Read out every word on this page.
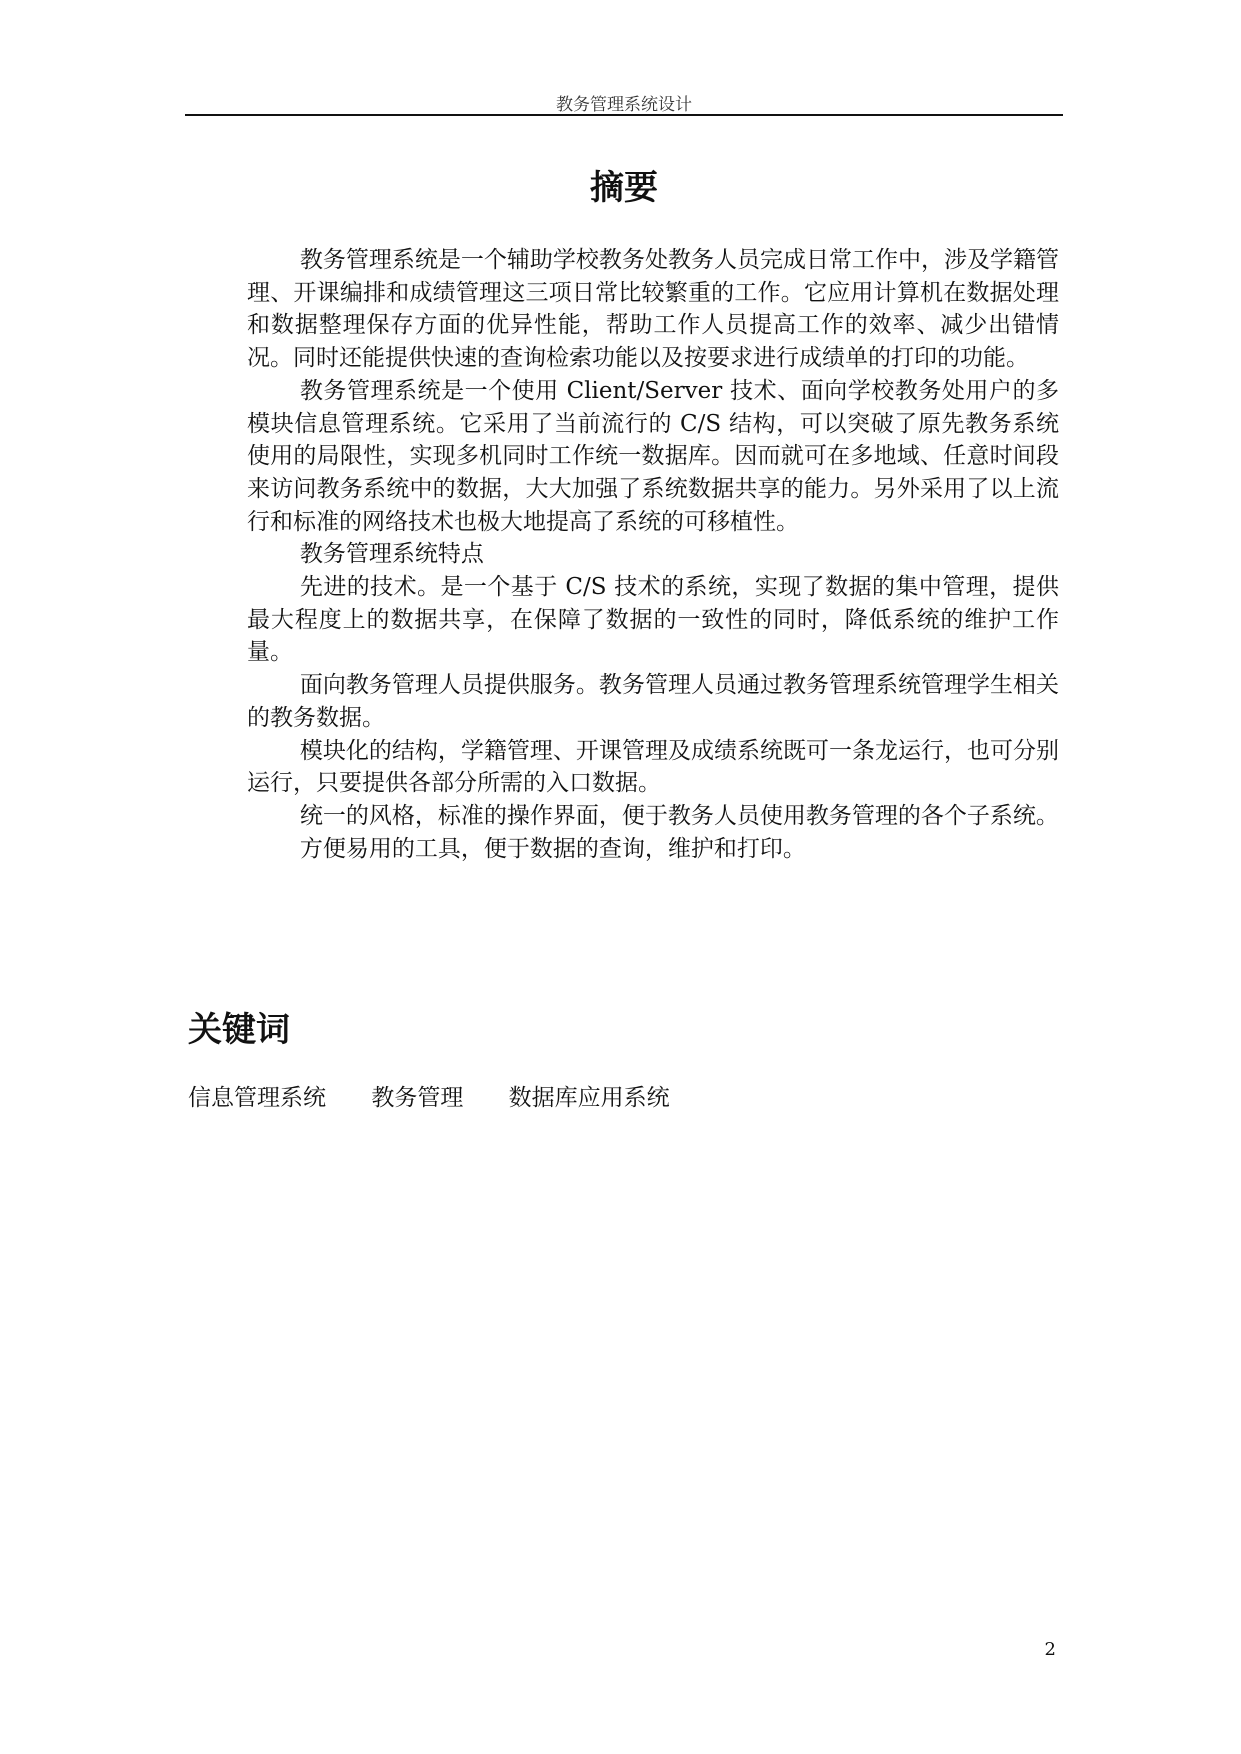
教务管理系统设计
摘要

教务管理系统是一个辅助学校教务处教务人员完成日常工作中，涉及学籍管理、开课编排和成绩管理这三项日常比较繁重的工作。它应用计算机在数据处理和数据整理保存方面的优异性能，帮助工作人员提高工作的效率、减少出错情况。同时还能提供快速的查询检索功能以及按要求进行成绩单的打印的功能。

教务管理系统是一个使用 Client/Server 技术、面向学校教务处用户的多模块信息管理系统。它采用了当前流行的 C/S 结构，可以突破了原先教务系统使用的局限性，实现多机同时工作统一数据库。因而就可在多地域、任意时间段来访问教务系统中的数据，大大加强了系统数据共享的能力。另外采用了以上流行和标准的网络技术也极大地提高了系统的可移植性。

教务管理系统特点

先进的技术。是一个基于 C/S 技术的系统，实现了数据的集中管理，提供最大程度上的数据共享，在保障了数据的一致性的同时，降低系统的维护工作量。

面向教务管理人员提供服务。教务管理人员通过教务管理系统管理学生相关的教务数据。

模块化的结构，学籍管理、开课管理及成绩系统既可一条龙运行，也可分别运行，只要提供各部分所需的入口数据。

统一的风格，标准的操作界面，便于教务人员使用教务管理的各个子系统。

方便易用的工具，便于数据的查询，维护和打印。

关键词
信息管理系统 教务管理 数据库应用系统
2
